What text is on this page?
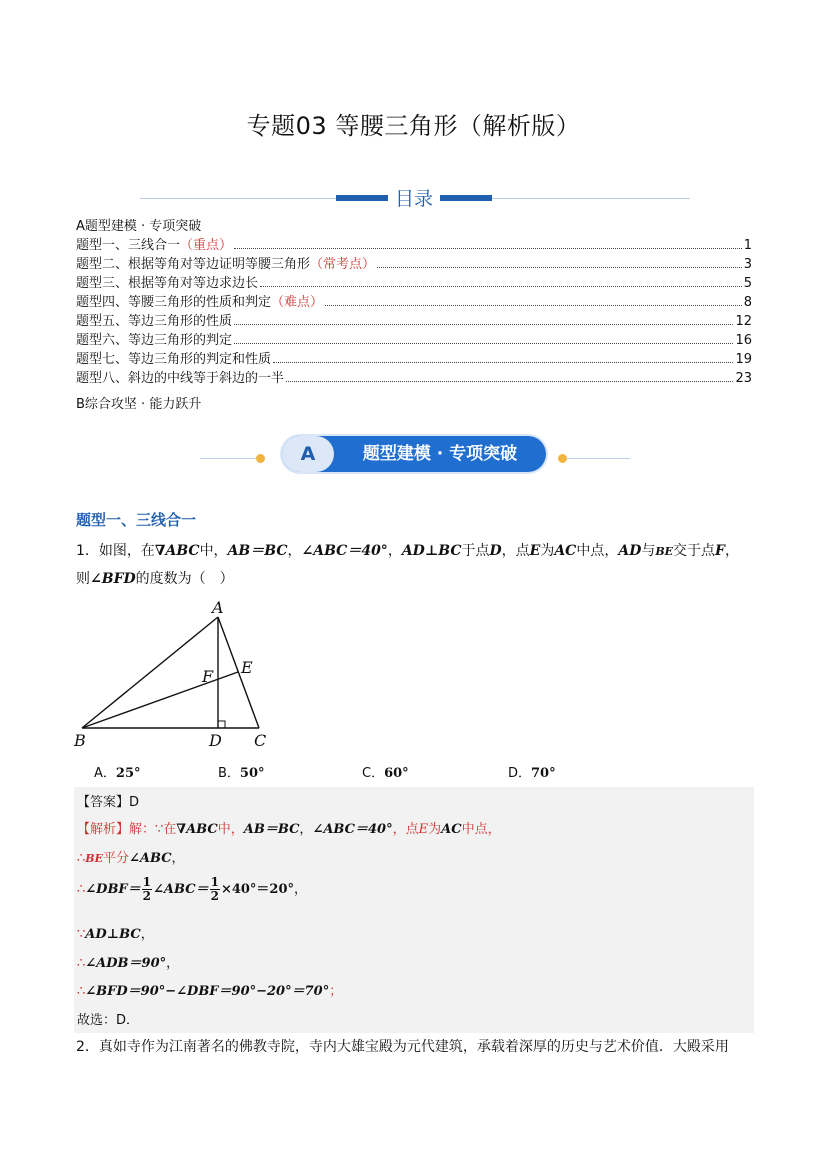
专题03 等腰三角形（解析版）
目录
A题型建模 · 专项突破
题型一、三线合一 （重点）	1
题型二、根据等角对等边证明等腰三角形 （常考点）	3
题型三、根据等角对等边求边长	5
题型四、等腰三角形的性质和判定 （难点）	8
题型五、等边三角形的性质	12
题型六、等边三角形的判定	16
题型七、等边三角形的判定和性质	19
题型八、斜边的中线等于斜边的一半	23
B综合攻坚 · 能力跃升
A	题型建模 · 专项突破
题型一、三线合一
1．如图，在∇ABC中，AB＝BC，∠ABC＝40°，AD⊥BC于点D，点E为AC中点，AD与BE交于点F，
则∠BFD的度数为（　）
A
B	C
D
E
F
A．25°	B．50°	C．60°	D．70°
【答案】D
【解析】解：∵在∇ABC中，AB＝BC，∠ABC＝40°，点E为AC中点，
∴BE平分∠ABC，
∴∠DBF＝ $\frac{1}{2}$ ∠ABC＝ $\frac{1}{2} \times 40^\circ=20^\circ$，
∵AD⊥BC，
∴∠ADB＝90°，
∴∠BFD＝90°−∠DBF＝90°−20°＝70°；
故选：D．
2．真如寺作为江南著名的佛教寺院，寺内大雄宝殿为元代建筑，承载着深厚的历史与艺术价值．大殿采用
